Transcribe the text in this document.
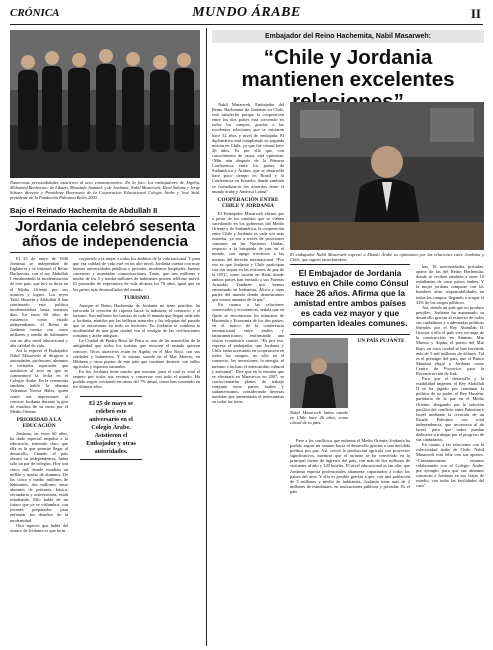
CRÓNICA	MUNDO ÁRABE	II
Numerosas personalidades asistieron al acto conmemorativo. En la foto: los embajadores de Argelia, Mohamed Benhocine; de Líbano, Moustafá Jammal; y de Jordania, Nabil Masarweh; René Salame y Jorge Schaer, director y Presidente Honorario de la Corporación Educacional Colegio Árabe y José Saïd, presidente de la Fundación Palestina Belén 2000.
Bajo el Reinado Hachemita de Abdullah II
Jordania celebró sesenta años de independencia

El 25 de mayo de 1946 Jordania se independizó de Inglaterra y se instauró el Reino Hachemita, con el rey Abdullah I encabezando la modernización de este país, que hoy se dicta en el Medio Oriente por sus avances y logros. Los reyes Talal, Hussein y Abdullah II han continuado esta política modernizadora hasta nuestros días. En estos 60 años de existencia como estado independiente, el Reino de Jordania cuenta con cinco millones y medio de habitantes con un alto nivel educacional y alta calidad de vida.

Así lo expresó el Embajador Nabil Masarweh al dirigirse a autoridades, profesores, alumnos e invitados especiales que asistieron al acto en que se conmemoró la fecha en el Colegio Árabe. En la ceremonia también habló la alumna Valentina Novoa Hales, quien contó sus impresiones al conocer Jordania durante la gira de estudios de su curso por el Medio Oriente.

PRIORIDAD A LA EDUCACIÓN

Jordania, en estos 60 años, ha dado especial impulso a la educación, teniendo claro que ella es la que permite llegar al desarrollo. Cuando el país obtuvo su independencia, había sólo un par de colegios. Hoy son cinco mil, donde estudian un millón y medio de alumnos. De los cinco y medio millones de habitantes, dos millones, entre alumnos de primaria, básica, secundaria y universitaria, están estudiando. Ello habla de un futuro que ya se vislumbra: con jóvenes preparados para enfrentar los desafíos de la modernidad.

Otro aspecto que habla del avance de Jordania es que ha in

corporado a la mujer a todos los ámbitos de la vida nacional. Y para que esa calidad de vida esté en un alto nivel, Jordania cuenta con muy buenas universidades públicas y privadas, modernos hospitales, buenas carreteras y avanzadas comunicaciones. Tanto, que tres millones y medio de los 5 y medio millones de habitantes poseen teléfono móvil. El promedio de expectativa de vida alcanza los 78 años, igual que en los países más desarrollados del mundo.

TURISMO

Aunque el Reino Hachemita de Jordania no tiene petróleo, ha enfocado la creación de riqueza hacia la industria, el comercio y el turismo. Son millones los turistas de todo el mundo que llegan cada año a Jordania, atraídos por las bellezas naturales y las reliquias del pasado que se encuentran en todo su territorio. En Jordania se combina la modernidad de una gran ciudad con el vestigio de las civilizaciones romanas y árabe antiguas.

La Ciudad de Piedra Rosa de Petra es una de las maravillas de la antigüedad que todos los turistas que recorren el mundo quieren conocer. Otros atractivos están en Aqaba, en el Mar Rojo, con sus ciudades y balnearios. Y lo mismo sucede en el Mar Muerto, en Dibbeen y otros puntos de este país que combina desierto con valles agrícolas y espacios naturales.

En fin, Jordania tiene mucho que mostrar, para el cual es vital el respeto por todos sus vecinos y conservar con todo el mundo. Ha podido seguir creciendo en ritmo del 7% anual, como han sostenido en los últimos años.

El 25 de mayo se celebró este aniversario en el Colegio Árabe. Asistieron el Embajador y otras autoridades.
Embajador del Reino Hachemita, Nabil Masarweh:
“Chile y Jordania mantienen excelentes

Nabil Masarweh, Embajador del Reino Hachemita de Jordania en Chile, está satisfecho porque la cooperación entre los dos países está creciendo en todos los campos, gracias a las excelentes relaciones que se iniciaron hace 52 años y nivel de embajada. El diplomático está cumpliendo su segunda misión en Chile, ya que fue cónsul hace 26 años. Es por ello que, con conocimiento de causa, está optimista. “Más aún después de la Primera Conferencia entre los países de Sudamérica y Árabes, que se desarrolló hace poco tiempo en Brasil y la Conferencia en Ecuador, donde también se formalizaron los acuerdos entre el mundo árabe y América Latina”.

COOPERACIÓN ENTRE CHILE Y JORDANIA

El Embajador Masarweh afirma que a pesar de los cambios que se vienen sucediendo en los gobiernos del Medio Oriente y de Sudamérica, la cooperación entre Chile y Jordania es cada vez más estrecha, ya sea a través de posiciones comunes en las Naciones Unidas, respecto a la búsqueda de paz en el mundo, con apego irrestricto a las normas del derecho internacional. “Por eso es que Jordania y Chile participan con sus tropas en las misiones de paz de la ONU, como sucede en Haití, donde ambos países han enviado a sus Fuerzas Armadas. También nos hemos encontrado en Indonesia, África y otras partes del mundo donde demostramos que somos amantes de la paz”.

En cuanto a las relaciones comerciales y económicas, señala que en Quito se encontraron los ministros de Hacienda y Economía de los dos países, en el marco de la conferencia internacional entre árabes y latinoamericanos, reafirmando una visión económica común. “Es por eso, expresa el embajador, que Jordania y Chile están acercando en cooperación en todos los campos, no sólo en el comercio, las inversiones, la energía, el turismo e incluso el intercambio cultural y artesanal”. Dice que en la reunión que se efectuará en Marruecos en 2007, se confeccionarán planes de trabajo conjunto entre países árabes y sudamericanos, considerando diversas medidas que aumentarán el intercambio en todas las áreas.

El embajador Nabil Masarweh expresó a Mundo Árabe su optimismo por las relaciones entre Jordania y Chile, que siguen estrechándose.
El Embajador de Jordania estuvo en Chile como Cónsul hace 26 años. Afirma que la amistad entre ambos países es cada vez mayor y que comparten ideales comunes.
Nabil Masarweh había estado en Chile hace 26 años, como cónsul de su país.
UN PAÍS PUJANTE

Pese a los conflictos que enfrenta el Medio Oriente, Jordania ha podido seguir un camino hacia el desarrollo gracias a una decidida política pro paz. Así, creció la producción agrícola con proyectos significativos, mientras que el turismo se ha convertido en la principal fuente de ingresos del país, con más de dos millones de visitantes al año y 320 hoteles. El nivel educacional es tan alto, que Jordania exporta profesionales altamente capacitados a todos los países del área. Y ello es posible gracias a que, con una población de 5 millones y medio de habitantes, Jordania tiene más de 2 millones de estudiantes, en instituciones públicas y privadas. Es el país

hay 16 universidades privadas, aparte de las del Reino Hachemita, donde se reciben también a unos 10 estudiantes de otros países árabes. Y la mujer jordana comparte con los hombres altas responsabilidades en todos los campos, llegando a ocupar el 32% de los cargos públicos.

Así, siendo un país que no produce petróleo, Jordania ha aumentado su desarrollo gracias al esfuerzo de todos sus ciudadanos y a adecuadas políticas liberales por el Rey Abdullah II. Gracias a ello el país vive un auge de la construcción en Amman, Mar Muerto y Aqaba, el puerto del Mar Rojo, en cuya ciudad se han invertido más de 5 mil millones de dólares. Tal es el prestigio del país, que el Banco Mundial eligió a Jordania como Centro de Proyectos para la Reconstrucción de Irak.

Para que el desarrollo y la estabilidad imperen, el Rey Abdullah II se ha jugado por continuar la política de su padre, el Rey Hussein, partidario de la paz en el Medio Oriente, abogando por la solución pacífica del conflicto entre Palestina e Israel mediante la creación de un Estado Palestino con total independencia, que reconozca al de Israel, para que todos puedan dedicarse a trabajar por el progreso de sus ciudadanos.

En cuanto a las relaciones con la colectividad árabe de Chile, Nabil Masarweh está feliz con sus aportes. “Constantemente estamos colaborando con el Colegio Árabe, por ejemplo, para que sus alumnos conozcan a Jordania en sus viajes de estudio, con todas las facilidades del caso”.
